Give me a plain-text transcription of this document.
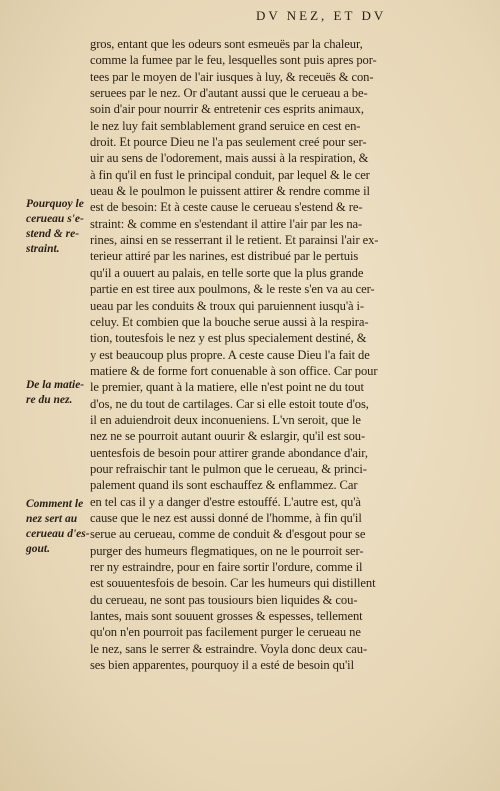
DV NEZ, ET DV
gros, entant que les odeurs sont esmeuës par la chaleur,
comme la fumee par le feu, lesquelles sont puis apres por-
tees par le moyen de l'air iusques à luy, & receuës & con-
seruees par le nez. Or d'autant aussi que le cerueau a be-
soin d'air pour nourrir & entretenir ces esprits animaux,
le nez luy fait semblablement grand seruice en cest en-
droit. Et pource Dieu ne l'a pas seulement creé pour ser-
uir au sens de l'odorement, mais aussi à la respiration, &
à fin qu'il en fust le principal conduit, par lequel & le cer
ueau & le poulmon le puissent attirer & rendre comme il
est de besoin: Et à ceste cause le cerueau s'estend & re-
straint: & comme en s'estendant il attire l'air par les na-
rines, ainsi en se resserrant il le retient. Et parainsi l'air ex-
terieur attiré par les narines, est distribué par le pertuis
qu'il a ouuert au palais, en telle sorte que la plus grande
partie en est tiree aux poulmons, & le reste s'en va au cer-
ueau par les conduits & troux qui paruiennent iusqu'à i-
celuy. Et combien que la bouche serue aussi à la respira-
tion, toutesfois le nez y est plus specialement destiné, &
y est beaucoup plus propre. A ceste cause Dieu l'a fait de
matiere & de forme fort conuenable à son office. Car pour
le premier, quant à la matiere, elle n'est point ne du tout
d'os, ne du tout de cartilages. Car si elle estoit toute d'os,
il en aduiendroit deux inconueniens. L'vn seroit, que le
nez ne se pourroit autant ouurir & eslargir, qu'il est sou-
uentesfois de besoin pour attirer grande abondance d'air,
pour refraischir tant le pulmon que le cerueau, & princi-
palement quand ils sont eschauffez & enflammez. Car
en tel cas il y a danger d'estre estouffé. L'autre est, qu'à
cause que le nez est aussi donné de l'homme, à fin qu'il
serue au cerueau, comme de conduit & d'esgout pour se
purger des humeurs flegmatiques, on ne le pourroit ser-
rer ny estraindre, pour en faire sortir l'ordure, comme il
est souuentesfois de besoin. Car les humeurs qui distillent
du cerueau, ne sont pas tousiours bien liquides & cou-
lantes, mais sont souuent grosses & espesses, tellement
qu'on n'en pourroit pas facilement purger le cerueau ne
le nez, sans le serrer & estraindre. Voyla donc deux cau-
ses bien apparentes, pourquoy il a esté de besoin qu'il
Pourquoy le
cerueau s'e-
stend & re-
straint.
De la matie-
re du nez.
Comment le
nez sert au
cerueau d'es-
gout.
